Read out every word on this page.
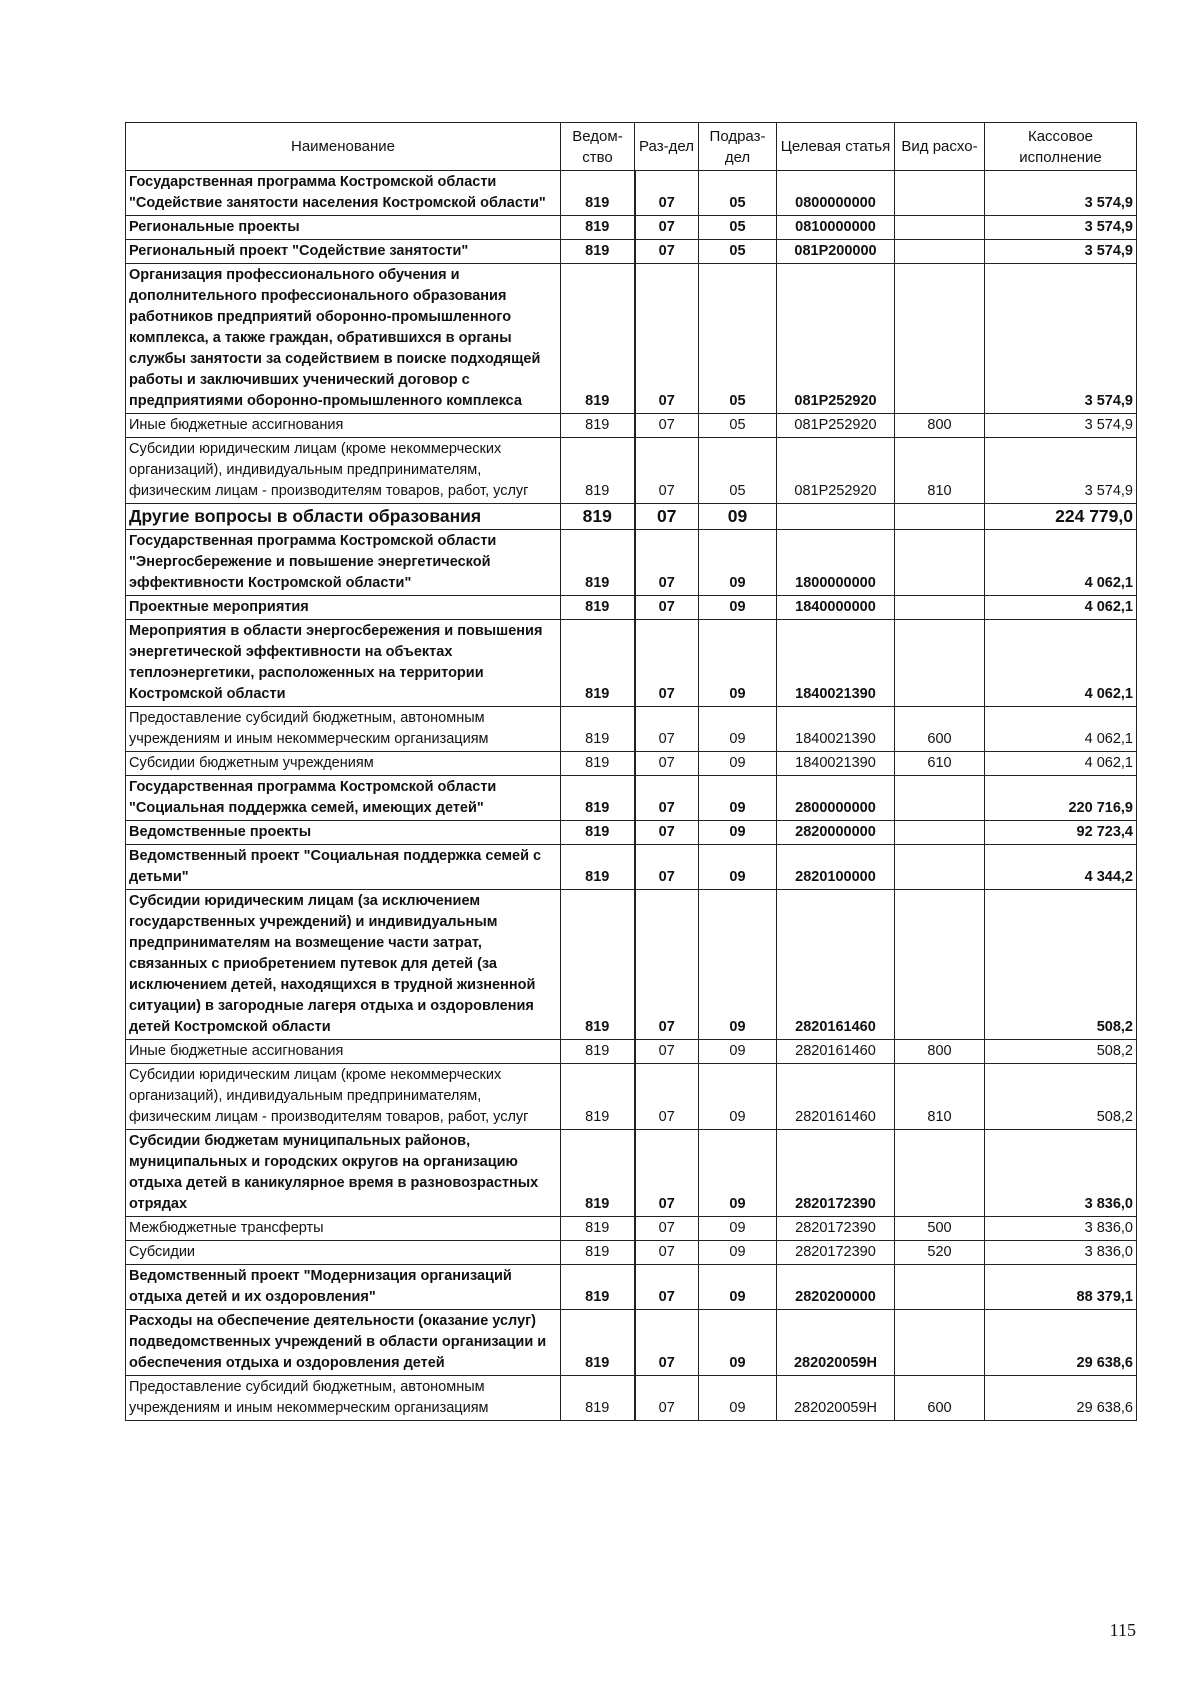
Наименование	Ведом-ство	Раз-дел	Подраз-дел	Целевая статья	Вид расхо-	Кассовое исполнение
Государственная программа Костромской области "Содействие занятости населения Костромской области"	819	07	05	0800000000		3 574,9
Региональные проекты	819	07	05	0810000000		3 574,9
Региональный проект "Содействие занятости"	819	07	05	081P200000		3 574,9
Организация профессионального обучения и дополнительного профессионального образования работников предприятий оборонно-промышленного комплекса, а также граждан, обратившихся в органы службы занятости за содействием в поиске подходящей работы и заключивших ученический договор с предприятиями оборонно-промышленного комплекса	819	07	05	081P252920		3 574,9
Иные бюджетные ассигнования	819	07	05	081P252920	800	3 574,9
Субсидии юридическим лицам (кроме некоммерческих организаций), индивидуальным предпринимателям, физическим лицам - производителям товаров, работ, услуг	819	07	05	081P252920	810	3 574,9
Другие вопросы в области образования	819	07	09			224 779,0
Государственная программа Костромской области "Энергосбережение и повышение энергетической эффективности Костромской области"	819	07	09	1800000000		4 062,1
Проектные мероприятия	819	07	09	1840000000		4 062,1
Мероприятия в области энергосбережения и повышения энергетической эффективности на объектах теплоэнергетики, расположенных на территории Костромской области	819	07	09	1840021390		4 062,1
Предоставление субсидий бюджетным, автономным учреждениям и иным некоммерческим организациям	819	07	09	1840021390	600	4 062,1
Субсидии бюджетным учреждениям	819	07	09	1840021390	610	4 062,1
Государственная программа Костромской области "Социальная поддержка семей, имеющих детей"	819	07	09	2800000000		220 716,9
Ведомственные проекты	819	07	09	2820000000		92 723,4
Ведомственный проект "Социальная поддержка семей с детьми"	819	07	09	2820100000		4 344,2
Субсидии юридическим лицам (за исключением государственных учреждений) и индивидуальным предпринимателям на возмещение части затрат, связанных с приобретением путевок для детей (за исключением детей, находящихся в трудной жизненной ситуации) в загородные лагеря отдыха и оздоровления детей Костромской области	819	07	09	2820161460		508,2
Иные бюджетные ассигнования	819	07	09	2820161460	800	508,2
Субсидии юридическим лицам (кроме некоммерческих организаций), индивидуальным предпринимателям, физическим лицам - производителям товаров, работ, услуг	819	07	09	2820161460	810	508,2
Субсидии бюджетам муниципальных районов, муниципальных и городских округов на организацию отдыха детей в каникулярное время в разновозрастных отрядах	819	07	09	2820172390		3 836,0
Межбюджетные трансферты	819	07	09	2820172390	500	3 836,0
Субсидии	819	07	09	2820172390	520	3 836,0
Ведомственный проект "Модернизация организаций отдыха детей и их оздоровления"	819	07	09	2820200000		88 379,1
Расходы на обеспечение деятельности (оказание услуг) подведомственных учреждений в области организации и обеспечения отдыха и оздоровления детей	819	07	09	282020059Н		29 638,6
Предоставление субсидий бюджетным, автономным учреждениям и иным некоммерческим организациям	819	07	09	282020059Н	600	29 638,6
115
